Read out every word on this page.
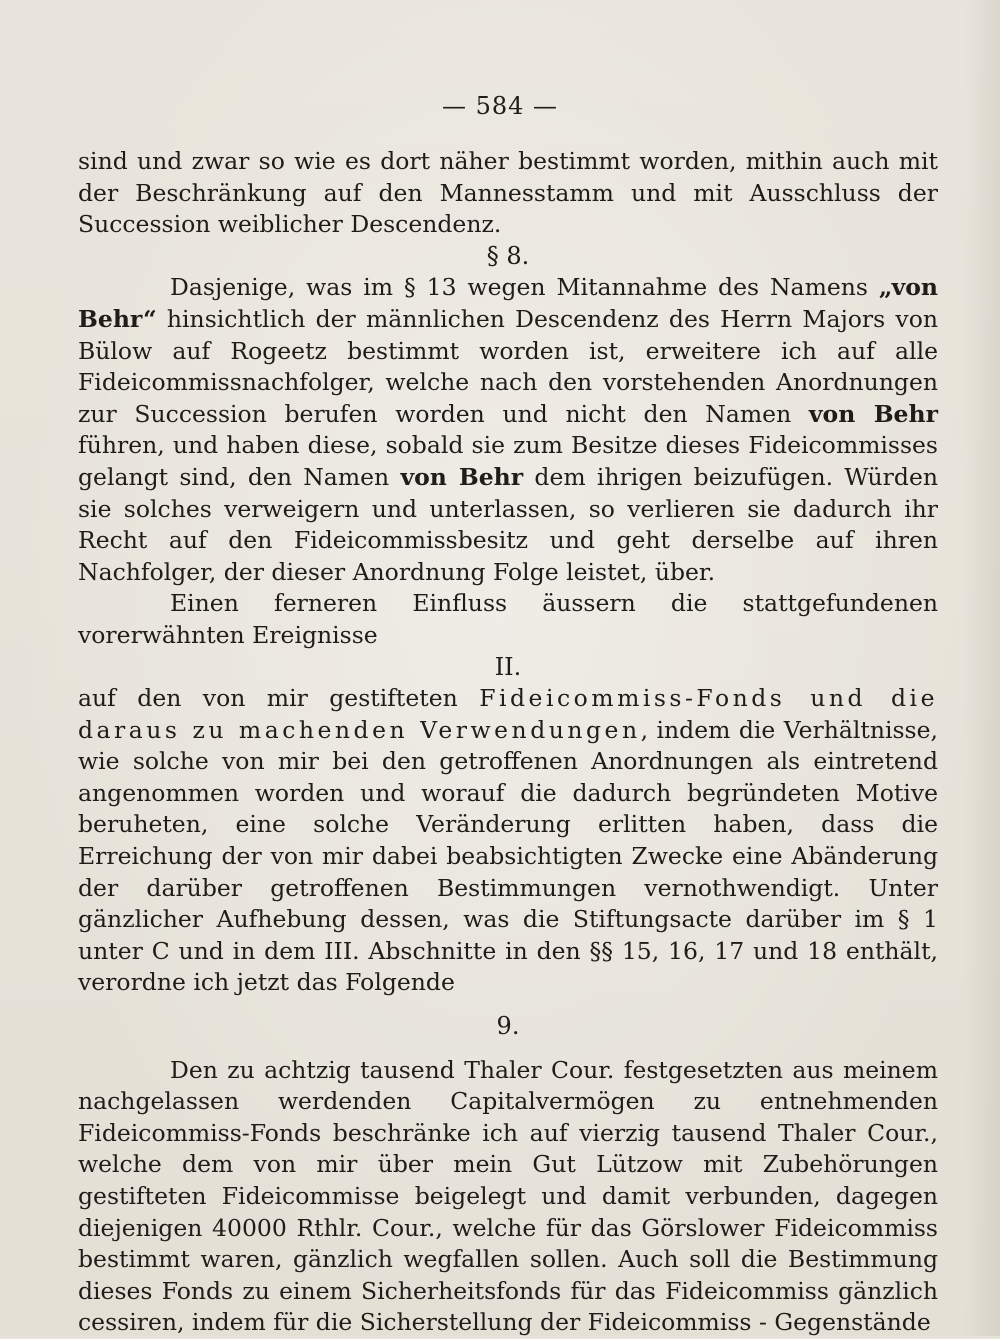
— 584 —

sind und zwar so wie es dort näher bestimmt worden, mithin auch mit der Beschränkung auf den Mannesstamm und mit Ausschluss der Succession weiblicher Descendenz.

§ 8.

Dasjenige, was im § 13 wegen Mitannahme des Namens „von Behr“ hinsichtlich der männlichen Descendenz des Herrn Majors von Bülow auf Rogeetz bestimmt worden ist, erweitere ich auf alle Fideicommissnachfolger, welche nach den vorstehenden Anordnungen zur Succession berufen worden und nicht den Namen von Behr führen, und haben diese, sobald sie zum Besitze dieses Fideicommisses gelangt sind, den Namen von Behr dem ihrigen beizufügen. Würden sie solches verweigern und unterlassen, so verlieren sie dadurch ihr Recht auf den Fideicommissbesitz und geht derselbe auf ihren Nachfolger, der dieser Anordnung Folge leistet, über.

Einen ferneren Einfluss äussern die stattgefundenen vorerwähnten Ereignisse

II.

auf den von mir gestifteten Fideicommiss-Fonds und die daraus zu machenden Verwendungen, indem die Verhältnisse, wie solche von mir bei den getroffenen Anordnungen als eintretend angenommen worden und worauf die dadurch begründeten Motive beruheten, eine solche Veränderung erlitten haben, dass die Erreichung der von mir dabei beabsichtigten Zwecke eine Abänderung der darüber getroffenen Bestimmungen vernothwendigt. Unter gänzlicher Aufhebung dessen, was die Stiftungsacte darüber im § 1 unter C und in dem III. Abschnitte in den §§ 15, 16, 17 und 18 enthält, verordne ich jetzt das Folgende

9.

Den zu achtzig tausend Thaler Cour. festgesetzten aus meinem nachgelassen werdenden Capitalvermögen zu entnehmenden Fideicommiss-Fonds beschränke ich auf vierzig tausend Thaler Cour., welche dem von mir über mein Gut Lützow mit Zubehörungen gestifteten Fideicommisse beigelegt und damit verbunden, dagegen diejenigen 40000 Rthlr. Cour., welche für das Görslower Fideicommiss bestimmt waren, gänzlich wegfallen sollen. Auch soll die Bestimmung dieses Fonds zu einem Sicherheitsfonds für das Fideicommiss gänzlich cessiren, indem für die Sicherstellung der Fideicommiss - Gegenstände
